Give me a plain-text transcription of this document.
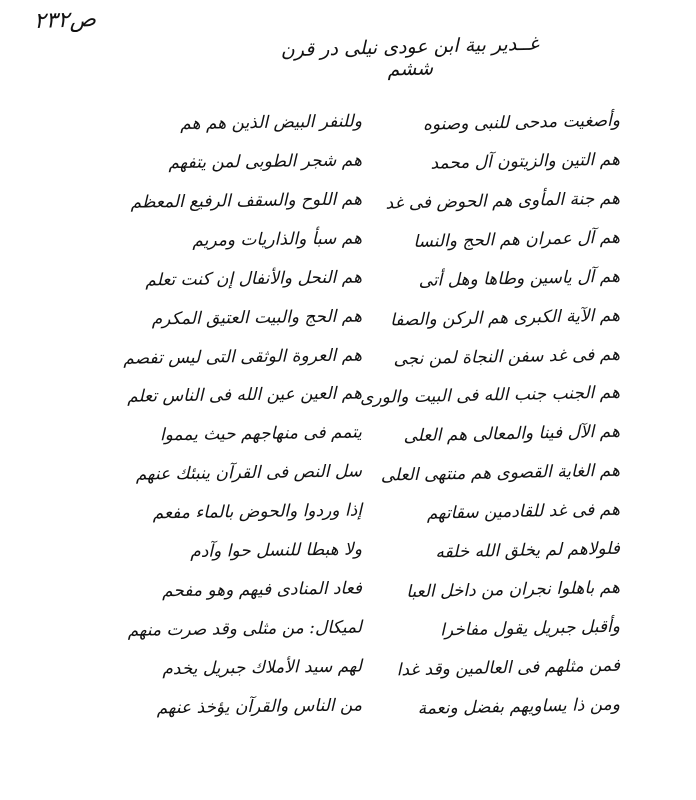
ص٢٣٢
غــدير بية ابن عودى نيلى در قرن ششم
وأصغيت مدحى للنبى وصنوه
وللنفر البيض الذين هم هم
هم التين والزيتون آل محمد
هم شجر الطوبى لمن يتفهم
هم جنة المأوى هم الحوض فى غد
هم اللوح والسقف الرفيع المعظم
هم آل عمران هم الحج والنسا
هم سبأ والذاريات ومريم
هم آل ياسين وطاها وهل أتى
هم النحل والأنفال إن كنت تعلم
هم الآية الكبرى هم الركن والصفا
هم الحج والبيت العتيق المكرم
هم فى غد سفن النجاة لمن نجى
هم العروة الوثقى التى ليس تفصم
هم الجنب جنب الله فى البيت والورى
هم العين عين الله فى الناس تعلم
هم الآل فينا والمعالى هم العلى
يتمم فى منهاجهم حيث يمموا
هم الغاية القصوى هم منتهى العلى
سل النص فى القرآن ينبئك عنهم
هم فى غد للقادمين سقاتهم
إذا وردوا والحوض بالماء مفعم
فلولاهم لم يخلق الله خلقه
ولا هبطا للنسل حوا وآدم
هم باهلوا نجران من داخل العبا
فعاد المنادى فيهم وهو مفحم
وأقبل جبريل يقول مفاخرا
لميكال: من مثلى وقد صرت منهم
فمن مثلهم فى العالمين وقد غدا
لهم سيد الأملاك جبريل يخدم
ومن ذا يساويهم بفضل ونعمة
من الناس والقرآن يؤخذ عنهم
